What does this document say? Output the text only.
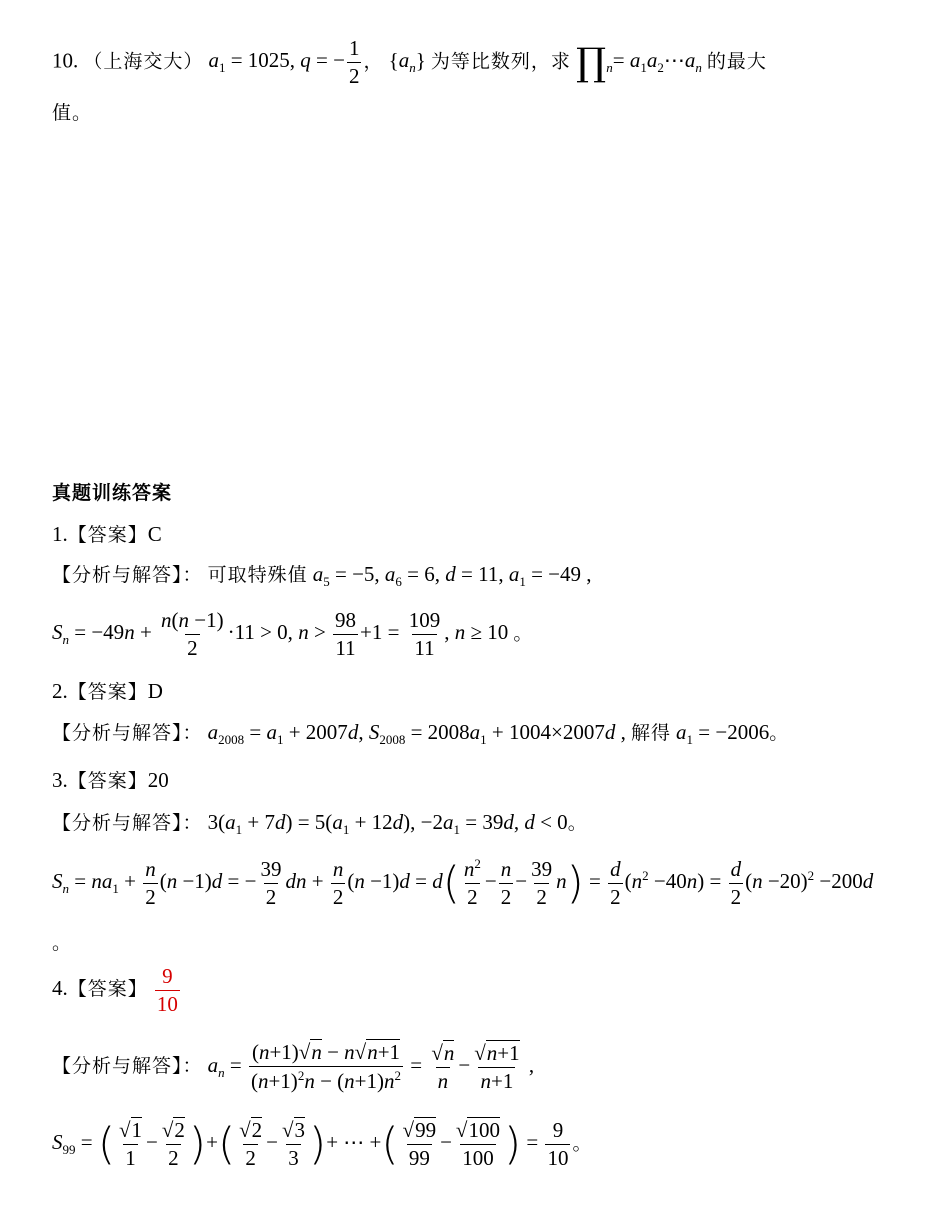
10. （上海交大） $a_1 = 1025$, q = − $\frac{1}{2}$ ， $\{a_n\}$ 为等比数列，求 $\prod_n=$ $a_1a_2\cdots a_n$ 的最大
值。
真题训练答案
1.【答案】C
【分析与解答】： 可取特殊值 $a_5 = -5$, $a_6 = 6$, d = 11, $a_1 = -49$ ,
$S_n = -49n + \frac{n(n -1)}{2} \cdot 11 > 0$, $n > \frac{98}{11} +1 = \frac{109}{11}$ , n ≥ 10 。
2.【答案】D
【分析与解答】： $a_{2008} = a_1 + 2007d$, $S_{2008} = 2008a_1 + 1004\times 2007d$ , 解得 $a_1 = -2006$。
3.【答案】20
【分析与解答】： $3(a_1 + 7d) = 5(a_1 + 12d)$, $-2a_1 = 39d$, d < 0。
$S_n = na_1 + \frac{n}{2} (n -1)d$ = − $\frac{39}{2}$ dn + $\frac{n}{2} (n -1)d = d( \frac{n^2}{2} - \frac{n}{2} - \frac{39}{2} n) = \frac{d}{2} (n^2 -40n) = \frac{d}{2} (n -20)^2 -200d$
。
4.【答案】 $\frac{9}{10}$
【分析与解答】： $a_n = \frac{(n+1)√n - n√n+1}{(n+1)^2n - (n+1)n^2} = \frac{√n}{n} - \frac{√n+1}{n+1}$ ,
$S_{99}$ = ( $\frac{√1}{1} - \frac{√2}{2}$ )+( $\frac{√2}{2} - \frac{√3}{3}$ )+ ⋯ +( $\frac{√99}{99} - \frac{√100}{100}$ ) = $\frac{9}{10}$ 。
